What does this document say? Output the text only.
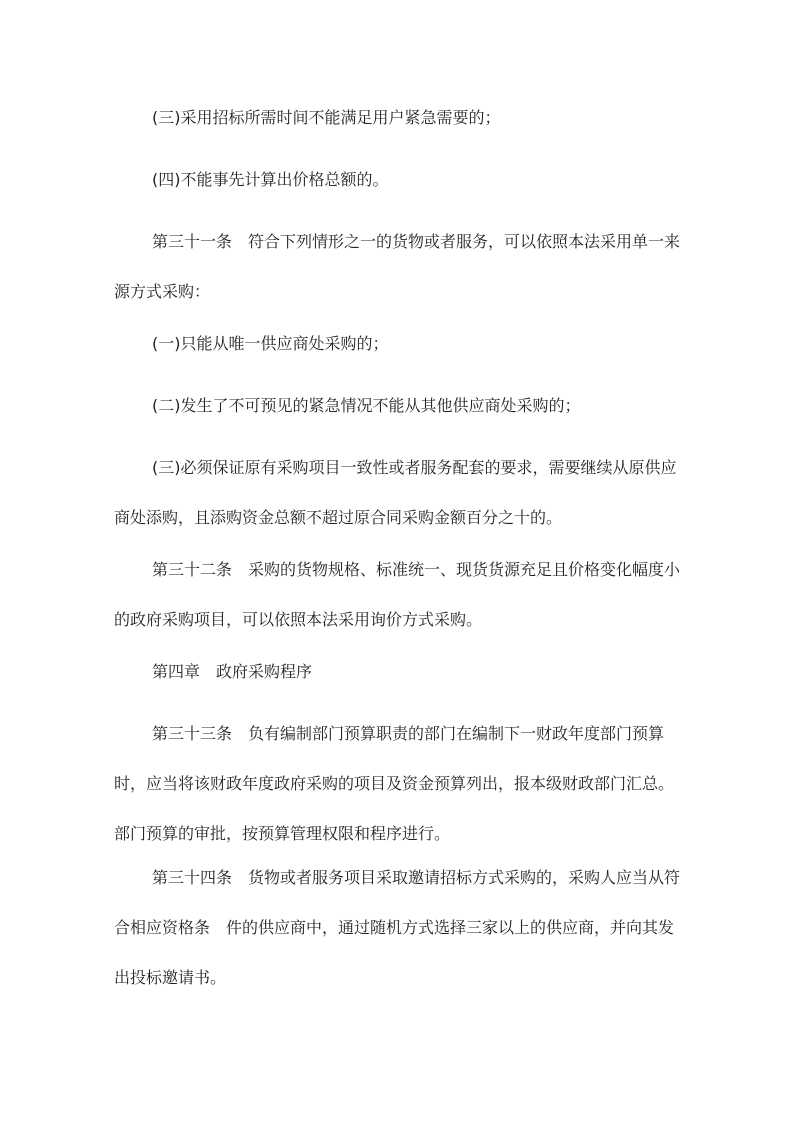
(三)采用招标所需时间不能满足用户紧急需要的；

(四)不能事先计算出价格总额的。

第三十一条　符合下列情形之一的货物或者服务，可以依照本法采用单一来源方式采购：

(一)只能从唯一供应商处采购的；

(二)发生了不可预见的紧急情况不能从其他供应商处采购的；

(三)必须保证原有采购项目一致性或者服务配套的要求，需要继续从原供应商处添购，且添购资金总额不超过原合同采购金额百分之十的。

第三十二条　采购的货物规格、标准统一、现货货源充足且价格变化幅度小的政府采购项目，可以依照本法采用询价方式采购。

第四章　政府采购程序

第三十三条　负有编制部门预算职责的部门在编制下一财政年度部门预算时，应当将该财政年度政府采购的项目及资金预算列出，报本级财政部门汇总。部门预算的审批，按预算管理权限和程序进行。

第三十四条　货物或者服务项目采取邀请招标方式采购的，采购人应当从符合相应资格条　件的供应商中，通过随机方式选择三家以上的供应商，并向其发出投标邀请书。
